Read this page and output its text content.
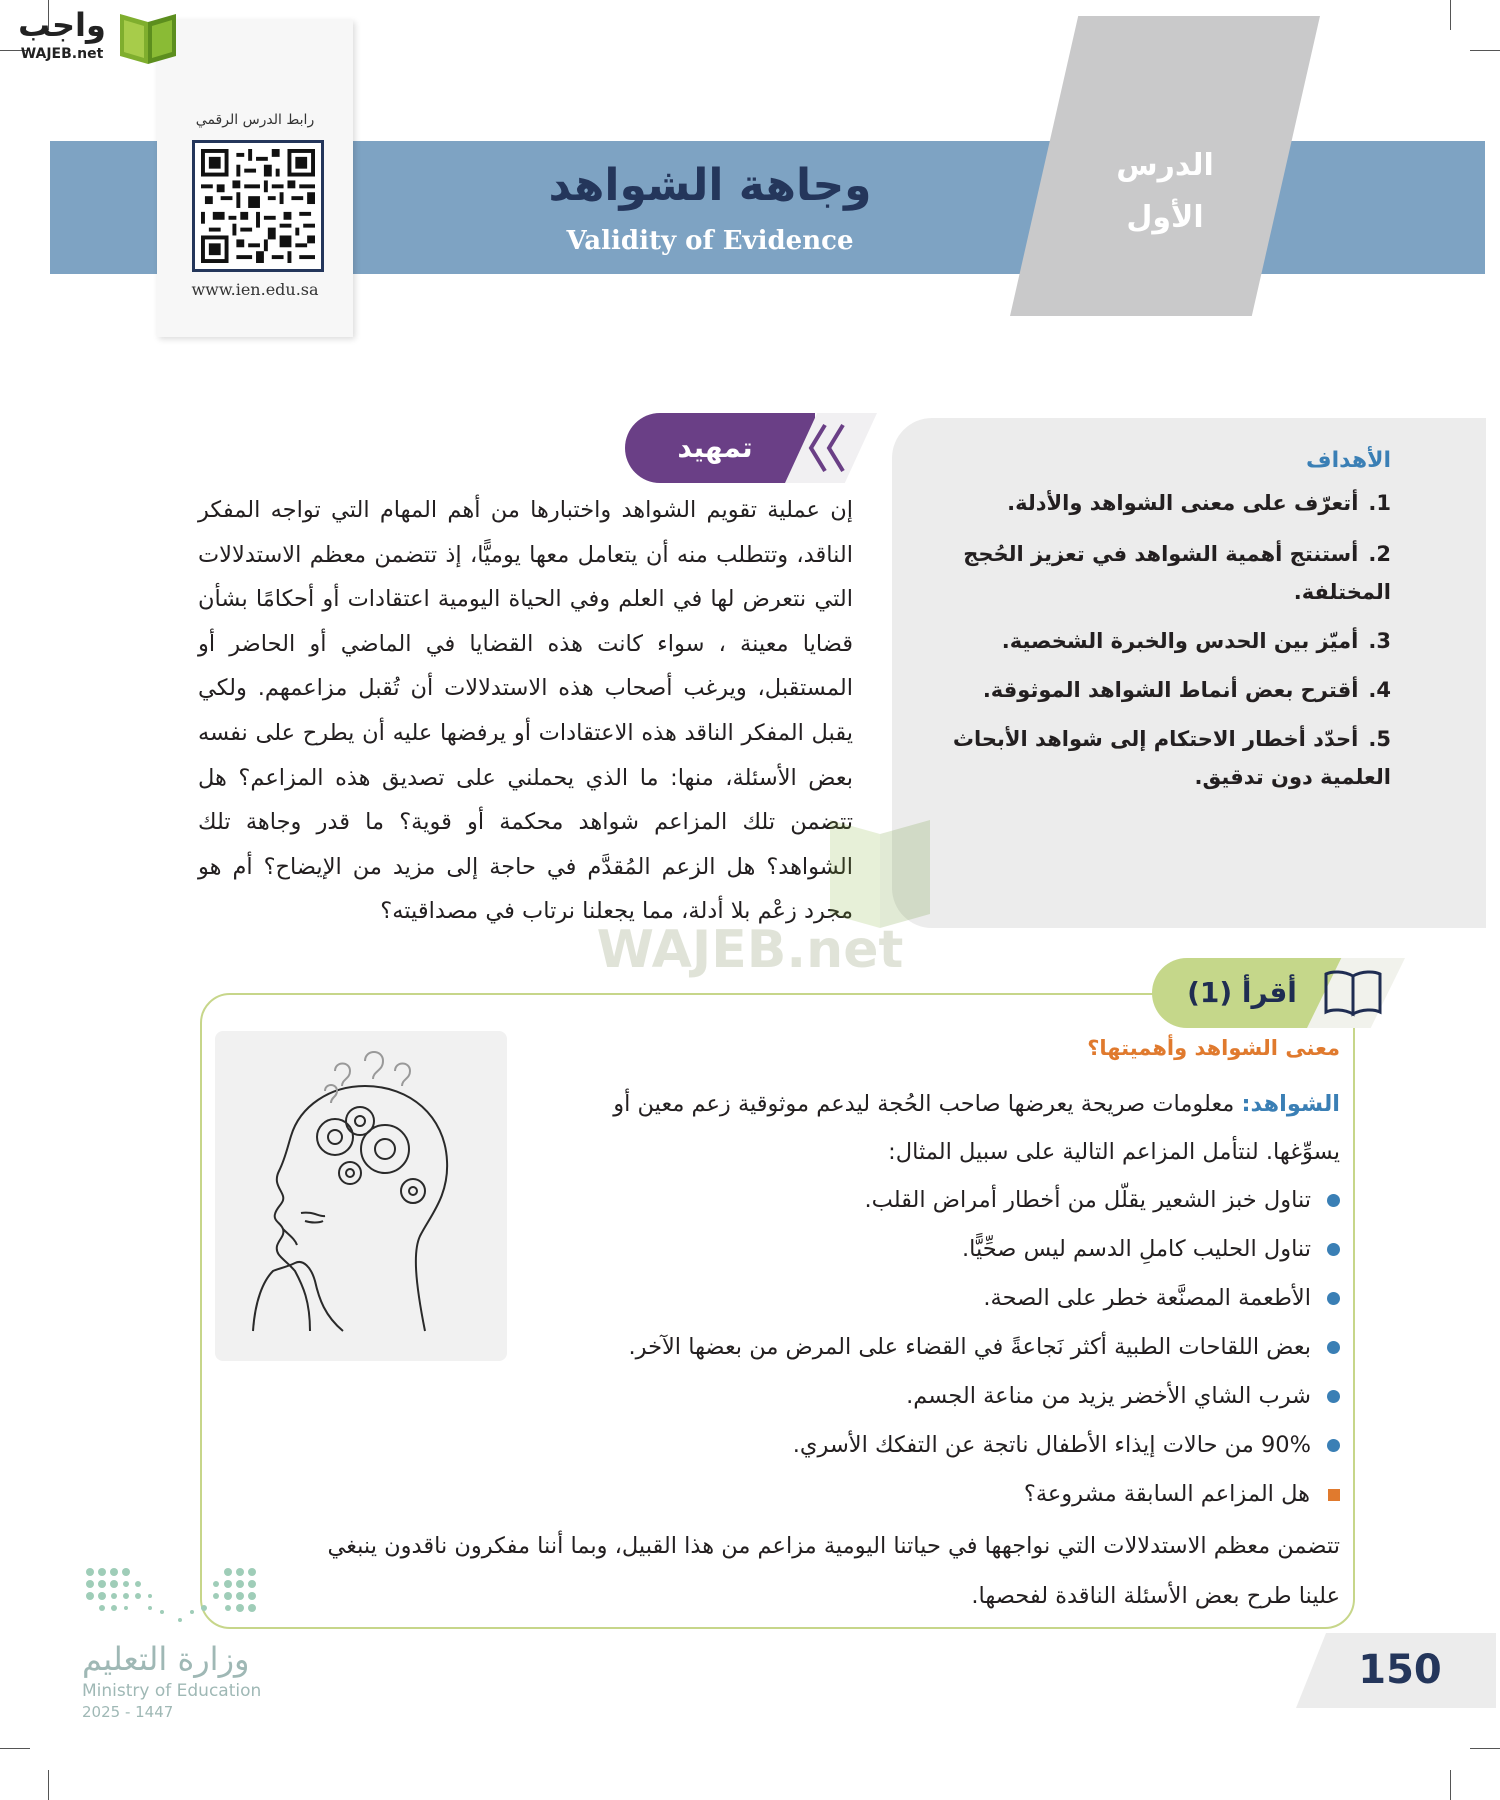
الدرس
الأول
وجاهة الشواهد
Validity of Evidence
رابط الدرس الرقمي
www.ien.edu.sa
واجب
WAJEB.net
الأهداف
1.أتعرّف على معنى الشواهد والأدلة.
2.أستنتج أهمية الشواهد في تعزيز الحُجج المختلفة.
3.أميّز بين الحدس والخبرة الشخصية.
4.أقترح بعض أنماط الشواهد الموثوقة.
5.أحدّد أخطار الاحتكام إلى شواهد الأبحاث العلمية دون تدقيق.
تمهيد
إن عملية تقويم الشواهد واختبارها من أهم المهام التي تواجه المفكر الناقد، وتتطلب منه أن يتعامل معها يوميًّا، إذ تتضمن معظم الاستدلالات التي نتعرض لها في العلم وفي الحياة اليومية اعتقادات أو أحكامًا بشأن قضايا معينة ، سواء كانت هذه القضايا في الماضي أو الحاضر أو المستقبل، ويرغب أصحاب هذه الاستدلالات أن تُقبل مزاعمهم. ولكي يقبل المفكر الناقد هذه الاعتقادات أو يرفضها عليه أن يطرح على نفسه بعض الأسئلة، منها: ما الذي يحملني على تصديق هذه المزاعم؟ هل تتضمن تلك المزاعم شواهد محكمة أو قوية؟ ما قدر وجاهة تلك الشواهد؟ هل الزعم المُقدَّم في حاجة إلى مزيد من الإيضاح؟ أم هو مجرد زعْم بلا أدلة، مما يجعلنا نرتاب في مصداقيته؟
WAJEB.net
أقرأ (1)
معنى الشواهد وأهميتها؟
الشواهد: معلومات صريحة يعرضها صاحب الحُجة ليدعم موثوقية زعم معين أو
يسوِّغها. لنتأمل المزاعم التالية على سبيل المثال:
تناول خبز الشعير يقلّل من أخطار أمراض القلب.
تناول الحليب كاملِ الدسم ليس صحِّيًّا.
الأطعمة المصنَّعة خطر على الصحة.
بعض اللقاحات الطبية أكثر نَجاعةً في القضاء على المرض من بعضها الآخر.
شرب الشاي الأخضر يزيد من مناعة الجسم.
90% من حالات إيذاء الأطفال ناتجة عن التفكك الأسري.
هل المزاعم السابقة مشروعة؟
تتضمن معظم الاستدلالات التي نواجهها في حياتنا اليومية مزاعم من هذا القبيل، وبما أننا مفكرون ناقدون ينبغي
علينا طرح بعض الأسئلة الناقدة لفحصها.
وزارة التعليم
Ministry of Education
2025 - 1447
150
